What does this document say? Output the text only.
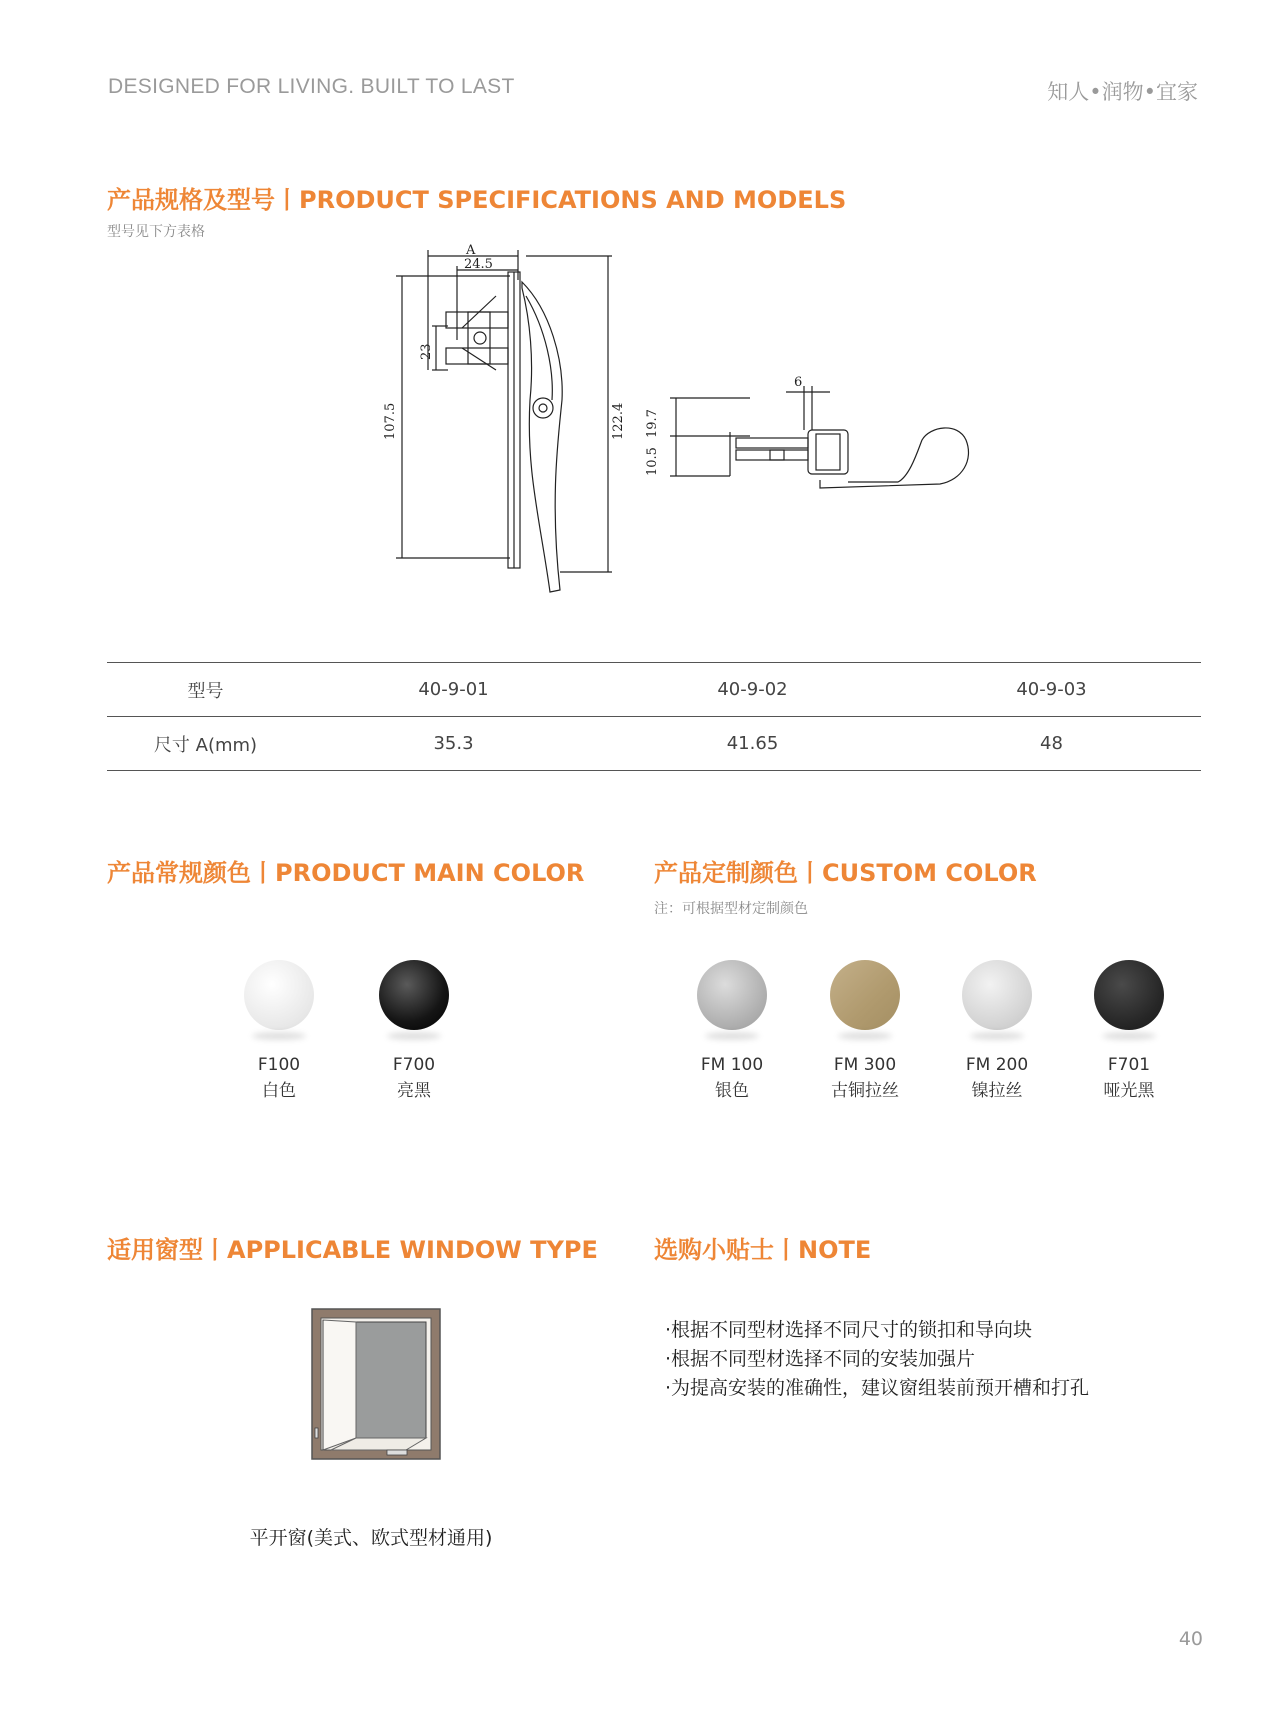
DESIGNED FOR LIVING. BUILT TO LAST	知人•润物•宜家
产品规格及型号丨PRODUCT SPECIFICATIONS AND MODELS
型号见下方表格
A
24.5
107.5
23
122.4
6
19.7
10.5
型号	40-9-01	40-9-02	40-9-03
尺寸 A(mm)	35.3	41.65	48
产品常规颜色丨PRODUCT MAIN COLOR
F100
白色
F700
亮黑
产品定制颜色丨CUSTOM COLOR
注：可根据型材定制颜色
FM 100
银色
FM 300
古铜拉丝
FM 200
镍拉丝
F701
哑光黑
适用窗型丨APPLICABLE WINDOW TYPE
平开窗(美式、欧式型材通用)
选购小贴士丨NOTE
·根据不同型材选择不同尺寸的锁扣和导向块
·根据不同型材选择不同的安装加强片
·为提高安装的准确性，建议窗组装前预开槽和打孔
40
